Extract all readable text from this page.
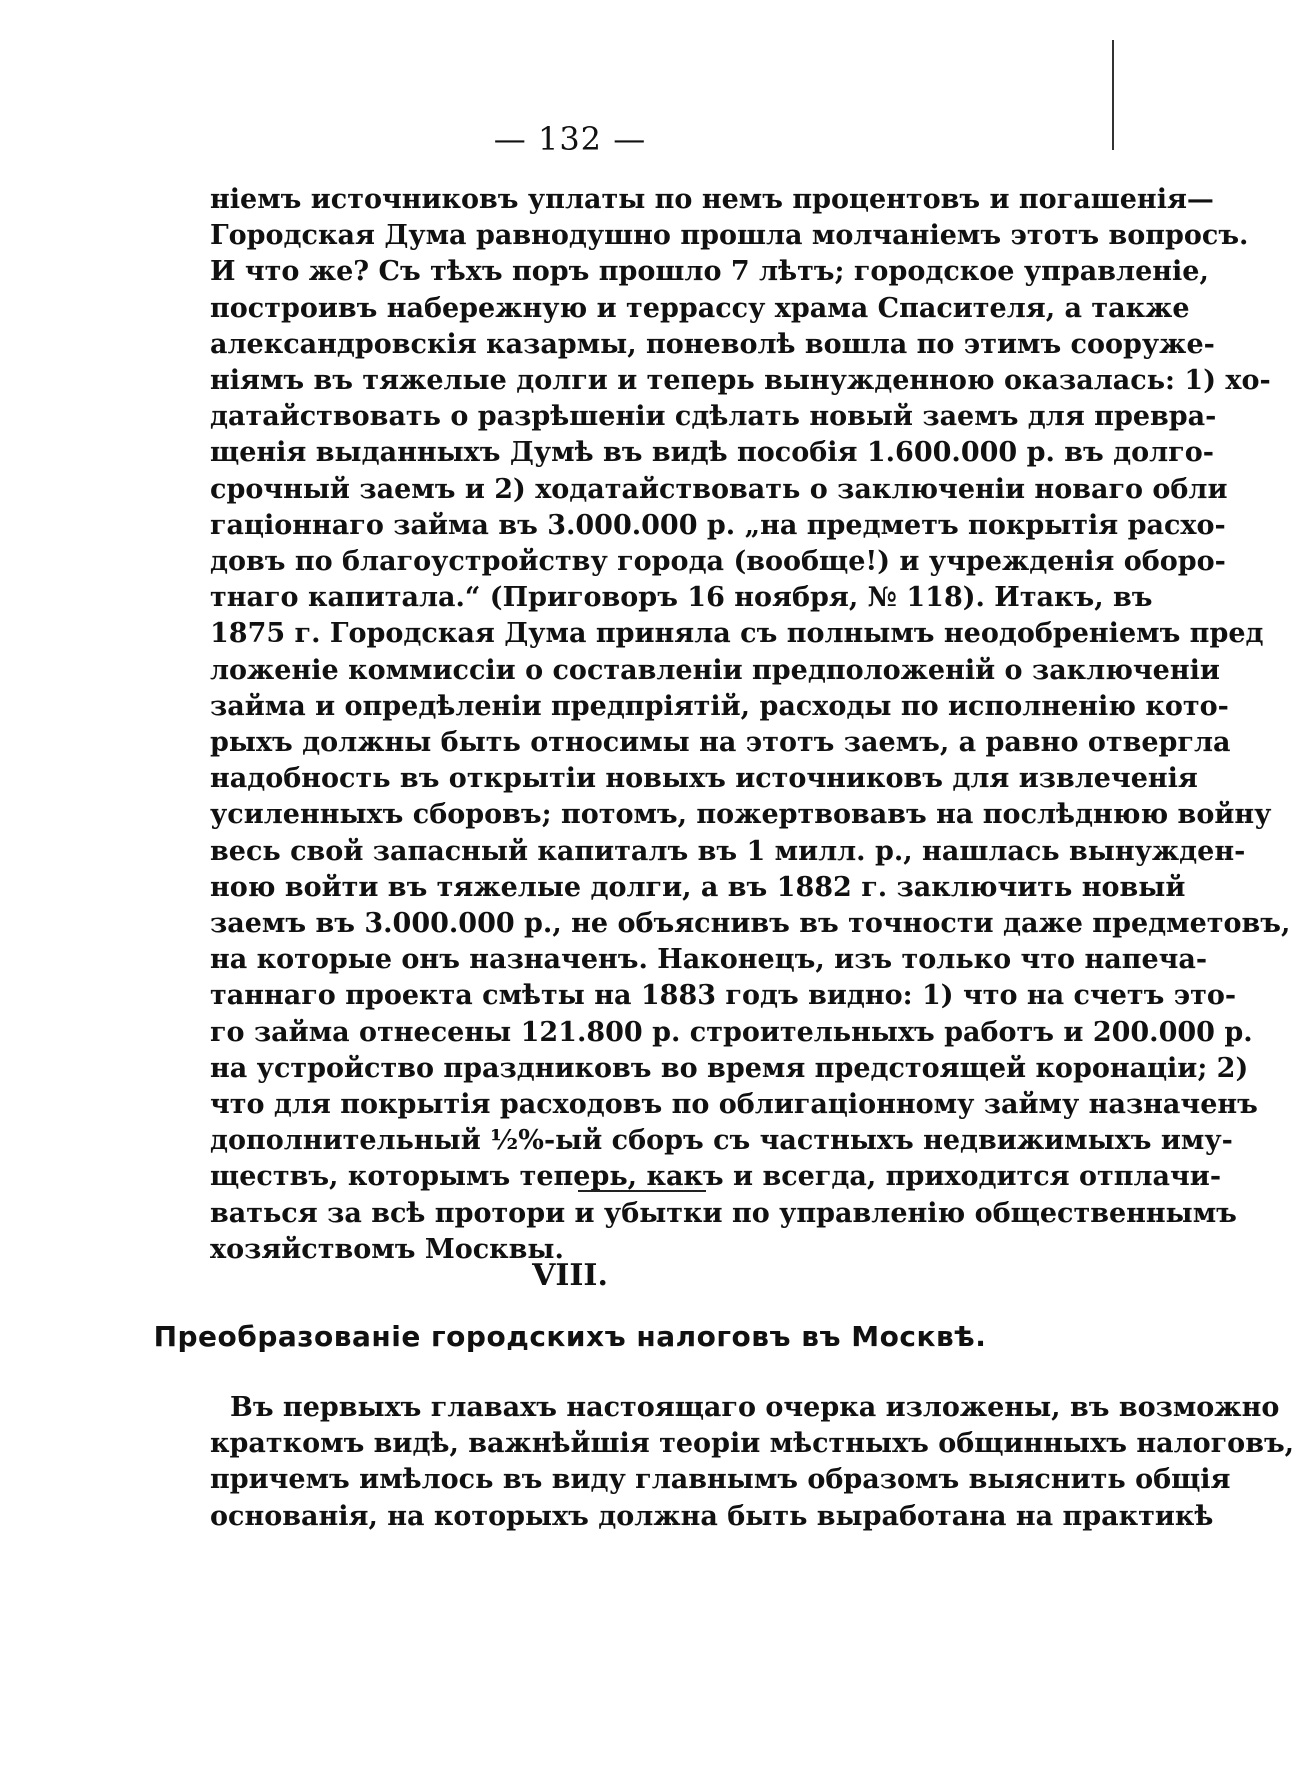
— 132 —

ніемъ источниковъ уплаты по немъ процентовъ и погашенія—
Городская Дума равнодушно прошла молчаніемъ этотъ вопросъ.
И что же? Съ тѣхъ поръ прошло 7 лѣтъ; городское управленіе,
построивъ набережную и террассу храма Спасителя, а также
александровскія казармы, поневолѣ вошла по этимъ сооруже-
ніямъ въ тяжелые долги и теперь вынужденною оказалась: 1) хо-
датайствовать о разрѣшеніи сдѣлать новый заемъ для превра-
щенія выданныхъ Думѣ въ видѣ пособія 1.600.000 р. въ долго-
срочный заемъ и 2) ходатайствовать о заключеніи новаго обли
гаціоннаго займа въ 3.000.000 р. „на предметъ покрытія расхо-
довъ по благоустройству города (вообще!) и учрежденія оборо-
тнаго капитала.“ (Приговоръ 16 ноября, № 118). Итакъ, въ
1875 г. Городская Дума приняла съ полнымъ неодобреніемъ пред
ложеніе коммиссіи о составленіи предположеній о заключеніи
займа и опредѣленіи предпріятій, расходы по исполненію кото-
рыхъ должны быть относимы на этотъ заемъ, а равно отвергла
надобность въ открытіи новыхъ источниковъ для извлеченія
усиленныхъ сборовъ; потомъ, пожертвовавъ на послѣднюю войну
весь свой запасный капиталъ въ 1 милл. р., нашлась вынужден-
ною войти въ тяжелые долги, а въ 1882 г. заключить новый
заемъ въ 3.000.000 р., не объяснивъ въ точности даже предметовъ,
на которые онъ назначенъ. Наконецъ, изъ только что напеча-
таннаго проекта смѣты на 1883 годъ видно: 1) что на счетъ это-
го займа отнесены 121.800 р. строительныхъ работъ и 200.000 р.
на устройство праздниковъ во время предстоящей коронаціи; 2)
что для покрытія расходовъ по облигаціонному займу назначенъ
дополнительный ½%-ый сборъ съ частныхъ недвижимыхъ иму-
ществъ, которымъ теперь, какъ и всегда, приходится отплачи-
ваться за всѣ протори и убытки по управленію общественнымъ
хозяйствомъ Москвы.

VIII.
Преобразованіе городскихъ налоговъ въ Москвѣ.

Въ первыхъ главахъ настоящаго очерка изложены, въ возможно
краткомъ видѣ, важнѣйшія теоріи мѣстныхъ общинныхъ налоговъ,
причемъ имѣлось въ виду главнымъ образомъ выяснить общія
основанія, на которыхъ должна быть выработана на практикѣ
